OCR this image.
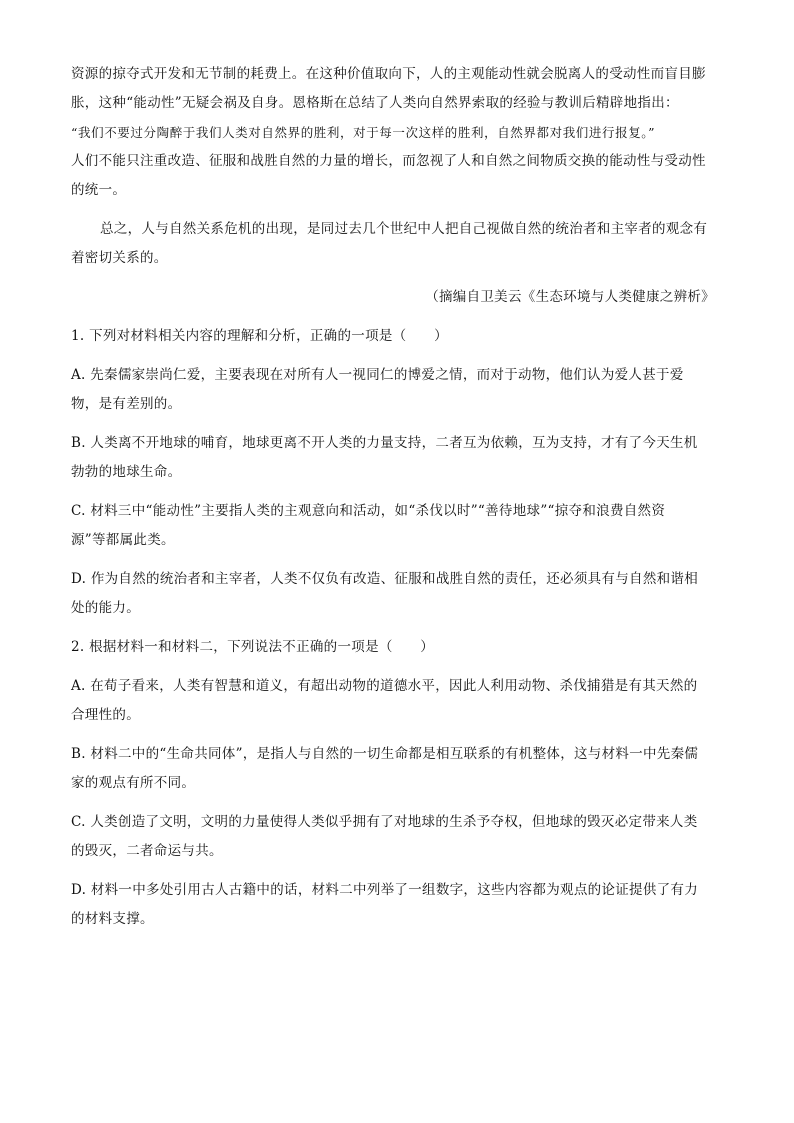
资源的掠夺式开发和无节制的耗费上。在这种价值取向下，人的主观能动性就会脱离人的受动性而盲目膨
胀，这种“能动性”无疑会祸及自身。恩格斯在总结了人类向自然界索取的经验与教训后精辟地指出：
“我们不要过分陶醉于我们人类对自然界的胜利，对于每一次这样的胜利，自然界都对我们进行报复。”
人们不能只注重改造、征服和战胜自然的力量的增长，而忽视了人和自然之间物质交换的能动性与受动性
的统一。
总之，人与自然关系危机的出现，是同过去几个世纪中人把自己视做自然的统治者和主宰者的观念有
着密切关系的。
（摘编自卫美云《生态环境与人类健康之辨析》
1. 下列对材料相关内容的理解和分析，正确的一项是（　　）
A. 先秦儒家崇尚仁爱，主要表现在对所有人一视同仁的博爱之情，而对于动物，他们认为爱人甚于爱
物，是有差别的。
B. 人类离不开地球的哺育，地球更离不开人类的力量支持，二者互为依赖，互为支持，才有了今天生机
勃勃的地球生命。
C. 材料三中“能动性”主要指人类的主观意向和活动，如“杀伐以时”“善待地球”“掠夺和浪费自然资
源”等都属此类。
D. 作为自然的统治者和主宰者，人类不仅负有改造、征服和战胜自然的责任，还必须具有与自然和谐相
处的能力。
2. 根据材料一和材料二，下列说法不正确的一项是（　　）
A. 在荀子看来，人类有智慧和道义，有超出动物的道德水平，因此人利用动物、杀伐捕猎是有其天然的
合理性的。
B. 材料二中的“生命共同体”，是指人与自然的一切生命都是相互联系的有机整体，这与材料一中先秦儒
家的观点有所不同。
C. 人类创造了文明，文明的力量使得人类似乎拥有了对地球的生杀予夺权，但地球的毁灭必定带来人类
的毁灭，二者命运与共。
D. 材料一中多处引用古人古籍中的话，材料二中列举了一组数字，这些内容都为观点的论证提供了有力
的材料支撑。
